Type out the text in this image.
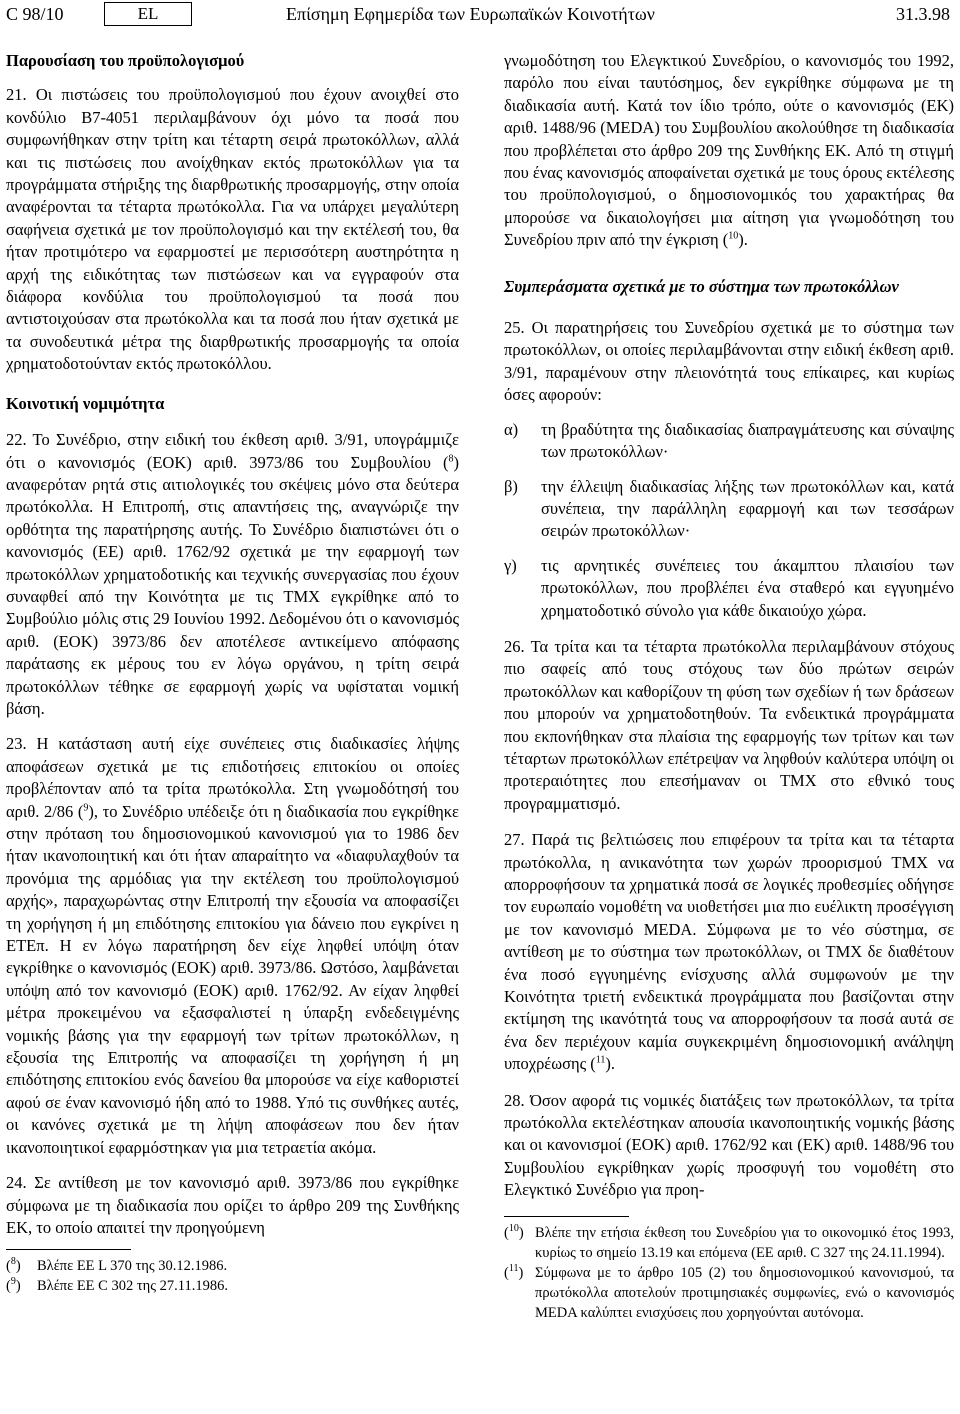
C 98/10	EL	Επίσημη Εφημερίδα των Ευρωπαϊκών Κοινοτήτων	31.3.98

Παρουσίαση του προϋπολογισμού

21. Οι πιστώσεις του προϋπολογισμού που έχουν ανοιχθεί στο κονδύλιο B7-4051 περιλαμβάνουν όχι μόνο τα ποσά που συμφωνήθηκαν στην τρίτη και τέταρτη σειρά πρωτοκόλλων, αλλά και τις πιστώσεις που ανοίχθηκαν εκτός πρωτοκόλλων για τα προγράμματα στήριξης της διαρθρωτικής προσαρμογής, στην οποία αναφέρονται τα τέταρτα πρωτόκολλα. Για να υπάρχει μεγαλύτερη σαφήνεια σχετικά με τον προϋπολογισμό και την εκτέλεσή του, θα ήταν προτιμότερο να εφαρμοστεί με περισσότερη αυστηρότητα η αρχή της ειδικότητας των πιστώσεων και να εγγραφούν στα διάφορα κονδύλια του προϋπολογισμού τα ποσά που αντιστοιχούσαν στα πρωτόκολλα και τα ποσά που ήταν σχετικά με τα συνοδευτικά μέτρα της διαρθρωτικής προσαρμογής τα οποία χρηματοδοτούνταν εκτός πρωτοκόλλου.

Κοινοτική νομιμότητα

22. Το Συνέδριο, στην ειδική του έκθεση αριθ. 3/91, υπογράμμιζε ότι ο κανονισμός (ΕΟΚ) αριθ. 3973/86 του Συμβουλίου ($^8$) αναφερόταν ρητά στις αιτιολογικές του σκέψεις μόνο στα δεύτερα πρωτόκολλα. Η Επιτροπή, στις απαντήσεις της, αναγνώριζε την ορθότητα της παρατήρησης αυτής. Το Συνέδριο διαπιστώνει ότι ο κανονισμός (ΕΕ) αριθ. 1762/92 σχετικά με την εφαρμογή των πρωτοκόλλων χρηματοδοτικής και τεχνικής συνεργασίας που έχουν συναφθεί από την Κοινότητα με τις ΤΜΧ εγκρίθηκε από το Συμβούλιο μόλις στις 29 Ιουνίου 1992. Δεδομένου ότι ο κανονισμός αριθ. (ΕΟΚ) 3973/86 δεν αποτέλεσε αντικείμενο απόφασης παράτασης εκ μέρους του εν λόγω οργάνου, η τρίτη σειρά πρωτοκόλλων τέθηκε σε εφαρμογή χωρίς να υφίσταται νομική βάση.

23. Η κατάσταση αυτή είχε συνέπειες στις διαδικασίες λήψης αποφάσεων σχετικά με τις επιδοτήσεις επιτοκίου οι οποίες προβλέπονταν από τα τρίτα πρωτόκολλα. Στη γνωμοδότησή του αριθ. 2/86 ($^9$), το Συνέδριο υπέδειξε ότι η διαδικασία που εγκρίθηκε στην πρόταση του δημοσιονομικού κανονισμού για το 1986 δεν ήταν ικανοποιητική και ότι ήταν απαραίτητο να «διαφυλαχθούν τα προνόμια της αρμόδιας για την εκτέλεση του προϋπολογισμού αρχής», παραχωρώντας στην Επιτροπή την εξουσία να αποφασίζει τη χορήγηση ή μη επιδότησης επιτοκίου για δάνειο που εγκρίνει η ΕΤΕπ. Η εν λόγω παρατήρηση δεν είχε ληφθεί υπόψη όταν εγκρίθηκε ο κανονισμός (ΕΟΚ) αριθ. 3973/86. Ωστόσο, λαμβάνεται υπόψη από τον κανονισμό (ΕΟΚ) αριθ. 1762/92. Αν είχαν ληφθεί μέτρα προκειμένου να εξασφαλιστεί η ύπαρξη ενδεδειγμένης νομικής βάσης για την εφαρμογή των τρίτων πρωτοκόλλων, η εξουσία της Επιτροπής να αποφασίζει τη χορήγηση ή μη επιδότησης επιτοκίου ενός δανείου θα μπορούσε να είχε καθοριστεί αφού σε έναν κανονισμό ήδη από το 1988. Υπό τις συνθήκες αυτές, οι κανόνες σχετικά με τη λήψη αποφάσεων που δεν ήταν ικανοποιητικοί εφαρμόστηκαν για μια τετραετία ακόμα.

24. Σε αντίθεση με τον κανονισμό αριθ. 3973/86 που εγκρίθηκε σύμφωνα με τη διαδικασία που ορίζει το άρθρο 209 της Συνθήκης ΕΚ, το οποίο απαιτεί την προηγούμενη

($^8$)	Βλέπε ΕΕ L 370 της 30.12.1986.
($^9$)	Βλέπε ΕΕ C 302 της 27.11.1986.

γνωμοδότηση του Ελεγκτικού Συνεδρίου, ο κανονισμός του 1992, παρόλο που είναι ταυτόσημος, δεν εγκρίθηκε σύμφωνα με τη διαδικασία αυτή. Κατά τον ίδιο τρόπο, ούτε ο κανονισμός (ΕΚ) αριθ. 1488/96 (MEDA) του Συμβουλίου ακολούθησε τη διαδικασία που προβλέπεται στο άρθρο 209 της Συνθήκης ΕΚ. Από τη στιγμή που ένας κανονισμός αποφαίνεται σχετικά με τους όρους εκτέλεσης του προϋπολογισμού, ο δημοσιονομικός του χαρακτήρας θα μπορούσε να δικαιολογήσει μια αίτηση για γνωμοδότηση του Συνεδρίου πριν από την έγκριση ($^{10}$).

Συμπεράσματα σχετικά με το σύστημα των πρωτοκόλλων

25. Οι παρατηρήσεις του Συνεδρίου σχετικά με το σύστημα των πρωτοκόλλων, οι οποίες περιλαμβάνονται στην ειδική έκθεση αριθ. 3/91, παραμένουν στην πλειονότητά τους επίκαιρες, και κυρίως όσες αφορούν:

α)	τη βραδύτητα της διαδικασίας διαπραγμάτευσης και σύναψης των πρωτοκόλλων·
β)	την έλλειψη διαδικασίας λήξης των πρωτοκόλλων και, κατά συνέπεια, την παράλληλη εφαρμογή και των τεσσάρων σειρών πρωτοκόλλων·
γ)	τις αρνητικές συνέπειες του άκαμπτου πλαισίου των πρωτοκόλλων, που προβλέπει ένα σταθερό και εγγυημένο χρηματοδοτικό σύνολο για κάθε δικαιούχο χώρα.

26. Τα τρίτα και τα τέταρτα πρωτόκολλα περιλαμβάνουν στόχους πιο σαφείς από τους στόχους των δύο πρώτων σειρών πρωτοκόλλων και καθορίζουν τη φύση των σχεδίων ή των δράσεων που μπορούν να χρηματοδοτηθούν. Τα ενδεικτικά προγράμματα που εκπονήθηκαν στα πλαίσια της εφαρμογής των τρίτων και των τέταρτων πρωτοκόλλων επέτρεψαν να ληφθούν καλύτερα υπόψη οι προτεραιότητες που επεσήμαναν οι ΤΜΧ στο εθνικό τους προγραμματισμό.

27. Παρά τις βελτιώσεις που επιφέρουν τα τρίτα και τα τέταρτα πρωτόκολλα, η ανικανότητα των χωρών προορισμού ΤΜΧ να απορροφήσουν τα χρηματικά ποσά σε λογικές προθεσμίες οδήγησε τον ευρωπαίο νομοθέτη να υιοθετήσει μια πιο ευέλικτη προσέγγιση με τον κανονισμό MEDA. Σύμφωνα με το νέο σύστημα, σε αντίθεση με το σύστημα των πρωτοκόλλων, οι ΤΜΧ δε διαθέτουν ένα ποσό εγγυημένης ενίσχυσης αλλά συμφωνούν με την Κοινότητα τριετή ενδεικτικά προγράμματα που βασίζονται στην εκτίμηση της ικανότητά τους να απορροφήσουν τα ποσά αυτά σε ένα δεν περιέχουν καμία συγκεκριμένη δημοσιονομική ανάληψη υποχρέωσης ($^{11}$).

28. Όσον αφορά τις νομικές διατάξεις των πρωτοκόλλων, τα τρίτα πρωτόκολλα εκτελέστηκαν απουσία ικανοποιητικής νομικής βάσης και οι κανονισμοί (ΕΟΚ) αριθ. 1762/92 και (ΕΚ) αριθ. 1488/96 του Συμβουλίου εγκρίθηκαν χωρίς προσφυγή του νομοθέτη στο Ελεγκτικό Συνέδριο για προη-

($^{10}$) Βλέπε την ετήσια έκθεση του Συνεδρίου για το οικονομικό έτος 1993, κυρίως το σημείο 13.19 και επόμενα (ΕΕ αριθ. C 327 της 24.11.1994).
($^{11}$) Σύμφωνα με το άρθρο 105 (2) του δημοσιονομικού κανονισμού, τα πρωτόκολλα αποτελούν προτιμησιακές συμφωνίες, ενώ ο κανονισμός MEDA καλύπτει ενισχύσεις που χορηγούνται αυτόνομα.
